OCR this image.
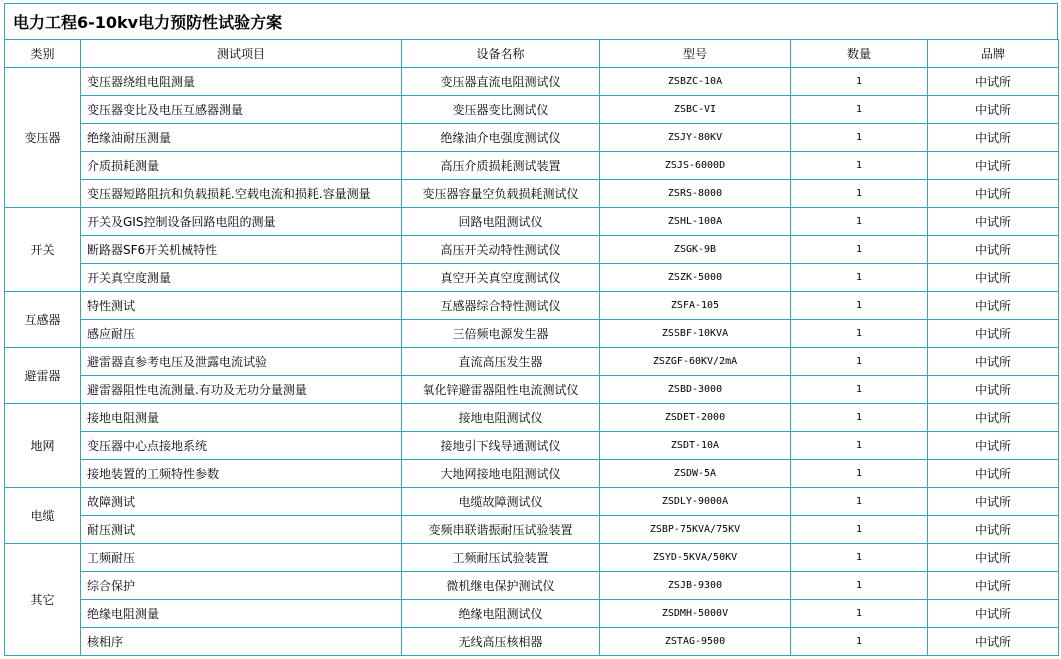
电力工程6-10kv电力预防性试验方案
类别	测试项目	设备名称	型号	数量	品牌
变压器	变压器绕组电阻测量	变压器直流电阻测试仪	ZSBZC-10A	1	中试所
	变压器变比及电压互感器测量	变压器变比测试仪	ZSBC-VI	1	中试所
	绝缘油耐压测量	绝缘油介电强度测试仪	ZSJY-80KV	1	中试所
	介质损耗测量	高压介质损耗测试装置	ZSJS-6000D	1	中试所
	变压器短路阻抗和负载损耗.空载电流和损耗.容量测量	变压器容量空负载损耗测试仪	ZSRS-8000	1	中试所
开关	开关及GIS控制设备回路电阻的测量	回路电阻测试仪	ZSHL-100A	1	中试所
	断路器SF6开关机械特性	高压开关动特性测试仪	ZSGK-9B	1	中试所
	开关真空度测量	真空开关真空度测试仪	ZSZK-5000	1	中试所
互感器	特性测试	互感器综合特性测试仪	ZSFA-105	1	中试所
	感应耐压	三倍频电源发生器	ZSSBF-10KVA	1	中试所
避雷器	避雷器直参考电压及泄露电流试验	直流高压发生器	ZSZGF-60KV/2mA	1	中试所
	避雷器阻性电流测量.有功及无功分量测量	氧化锌避雷器阻性电流测试仪	ZSBD-3000	1	中试所
地网	接地电阻测量	接地电阻测试仪	ZSDET-2000	1	中试所
	变压器中心点接地系统	接地引下线导通测试仪	ZSDT-10A	1	中试所
	接地装置的工频特性参数	大地网接地电阻测试仪	ZSDW-5A	1	中试所
电缆	故障测试	电缆故障测试仪	ZSDLY-9000A	1	中试所
	耐压测试	变频串联谐振耐压试验装置	ZSBP-75KVA/75KV	1	中试所
其它	工频耐压	工频耐压试验装置	ZSYD-5KVA/50KV	1	中试所
	综合保护	微机继电保护测试仪	ZSJB-9300	1	中试所
	绝缘电阻测量	绝缘电阻测试仪	ZSDMH-5000V	1	中试所
	核相序	无线高压核相器	ZSTAG-9500	1	中试所
